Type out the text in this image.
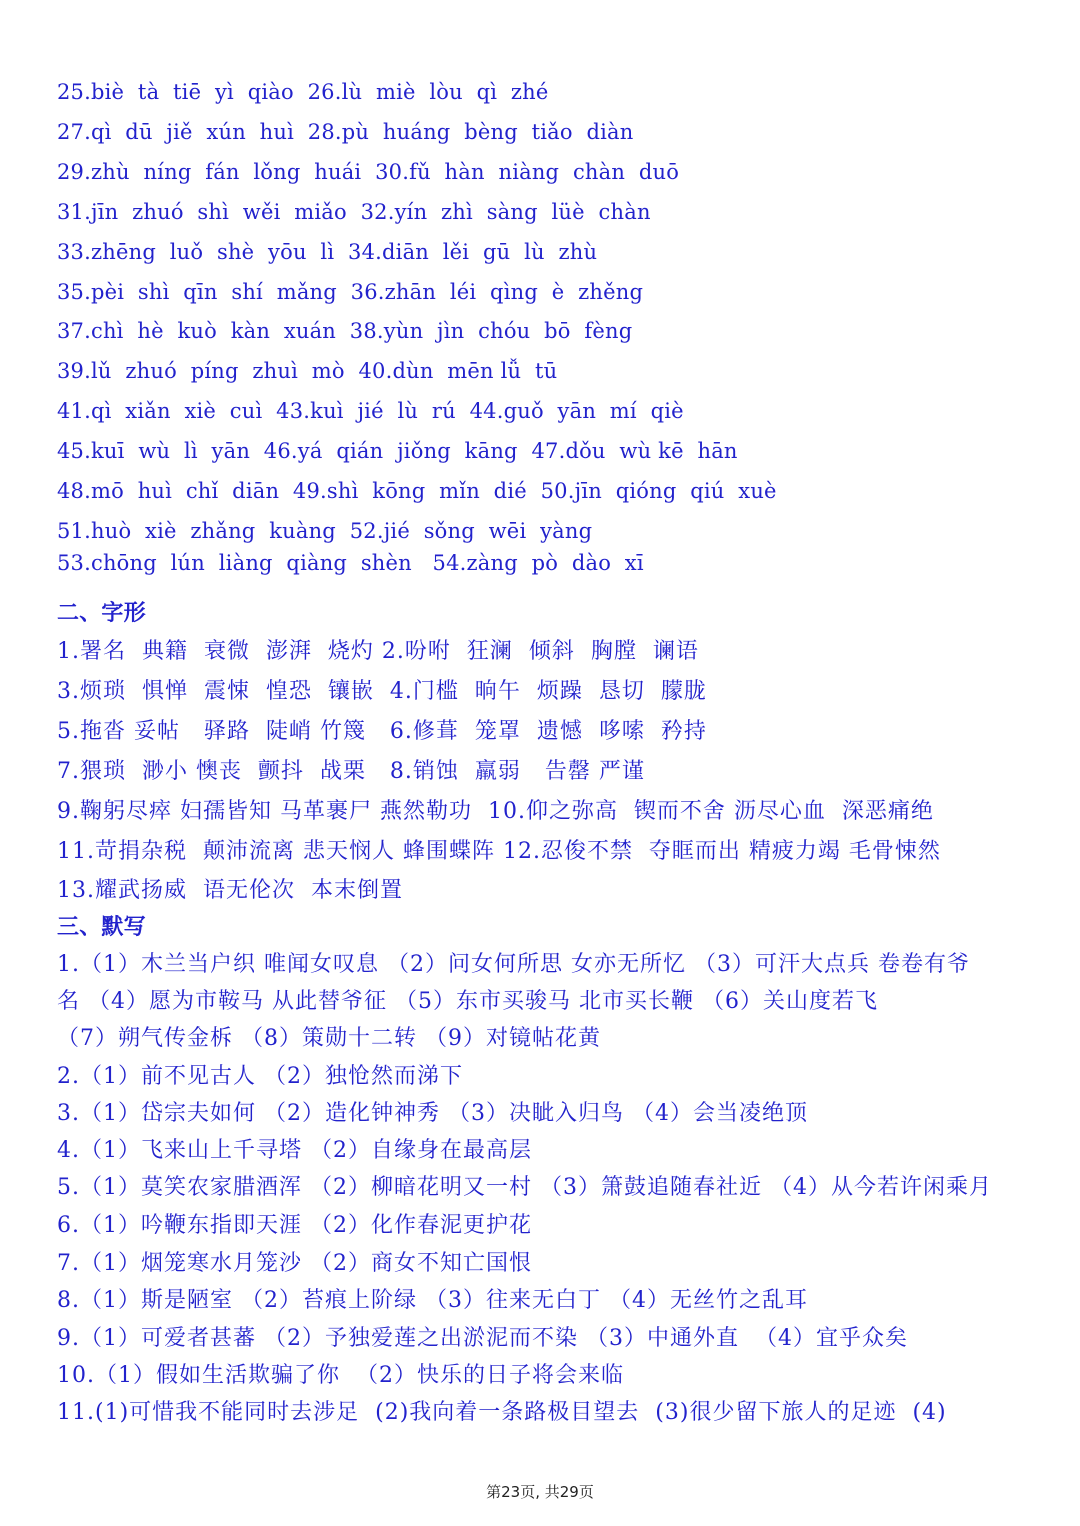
25.biè  tà  tiē  yì  qiào  26.lù  miè  lòu  qì  zhé
27.qì  dū  jiě  xún  huì  28.pù  huáng  bèng  tiǎo  diàn
29.zhù  níng  fán  lǒng  huái  30.fǔ  hàn  niàng  chàn  duō
31.jīn  zhuó  shì  wěi  miǎo  32.yín  zhì  sàng  lüè  chàn
33.zhēng  luǒ  shè  yōu  lì  34.diān  lěi  gū  lù  zhù
35.pèi  shì  qīn  shí  mǎng  36.zhān  léi  qìng  è  zhěng
37.chì  hè  kuò  kàn  xuán  38.yùn  jìn  chóu  bō  fèng
39.lǔ  zhuó  píng  zhuì  mò  40.dùn  mēn lǚ  tū
41.qì  xiǎn  xiè  cuì  43.kuì  jié  lù  rú  44.guǒ  yān  mí  qiè
45.kuī  wù  lì  yān  46.yá  qián  jiǒng  kāng  47.dǒu  wù kē  hān
48.mō  huì  chǐ  diān  49.shì  kōng  mǐn  dié  50.jīn  qióng  qiú  xuè
51.huò  xiè  zhǎng  kuàng  52.jié  sǒng  wēi  yàng
53.chōng  lún  liàng  qiàng  shèn   54.zàng  pò  dào  xī
二、字形
1.署名  典籍  衰微  澎湃  烧灼 2.吩咐  狂澜  倾斜  胸膛  谰语
3.烦琐  惧惮  震悚  惶恐  镶嵌  4.门槛  晌午  烦躁  恳切  朦胧
5.拖沓 妥帖   驿路  陡峭 竹篾   6.修葺  笼罩  遗憾  哆嗦  矜持
7.猥琐  渺小 懊丧  颤抖  战栗   8.销蚀  羸弱   告罄 严谨
9.鞠躬尽瘁 妇孺皆知 马革裹尸 燕然勒功  10.仰之弥高  锲而不舍 沥尽心血  深恶痛绝
11.苛捐杂税  颠沛流离 悲天悯人 蜂围蝶阵 12.忍俊不禁  夺眶而出 精疲力竭 毛骨悚然
13.耀武扬威  语无伦次  本末倒置
三、默写
1.（1）木兰当户织 唯闻女叹息 （2）问女何所思 女亦无所忆 （3）可汗大点兵 卷卷有爷
名 （4）愿为市鞍马 从此替爷征 （5）东市买骏马 北市买长鞭 （6）关山度若飞
（7）朔气传金柝 （8）策勋十二转 （9）对镜帖花黄
2.（1）前不见古人 （2）独怆然而涕下
3.（1）岱宗夫如何 （2）造化钟神秀 （3）决眦入归鸟 （4）会当凌绝顶
4.（1）飞来山上千寻塔 （2）自缘身在最高层
5.（1）莫笑农家腊酒浑 （2）柳暗花明又一村 （3）箫鼓追随春社近 （4）从今若许闲乘月
6.（1）吟鞭东指即天涯 （2）化作春泥更护花
7.（1）烟笼寒水月笼沙 （2）商女不知亡国恨
8.（1）斯是陋室 （2）苔痕上阶绿 （3）往来无白丁 （4）无丝竹之乱耳
9.（1）可爱者甚蕃 （2）予独爱莲之出淤泥而不染 （3）中通外直  （4）宜乎众矣
10.（1）假如生活欺骗了你  （2）快乐的日子将会来临
11.(1)可惜我不能同时去涉足  (2)我向着一条路极目望去  (3)很少留下旅人的足迹  (4)
第23页, 共29页
